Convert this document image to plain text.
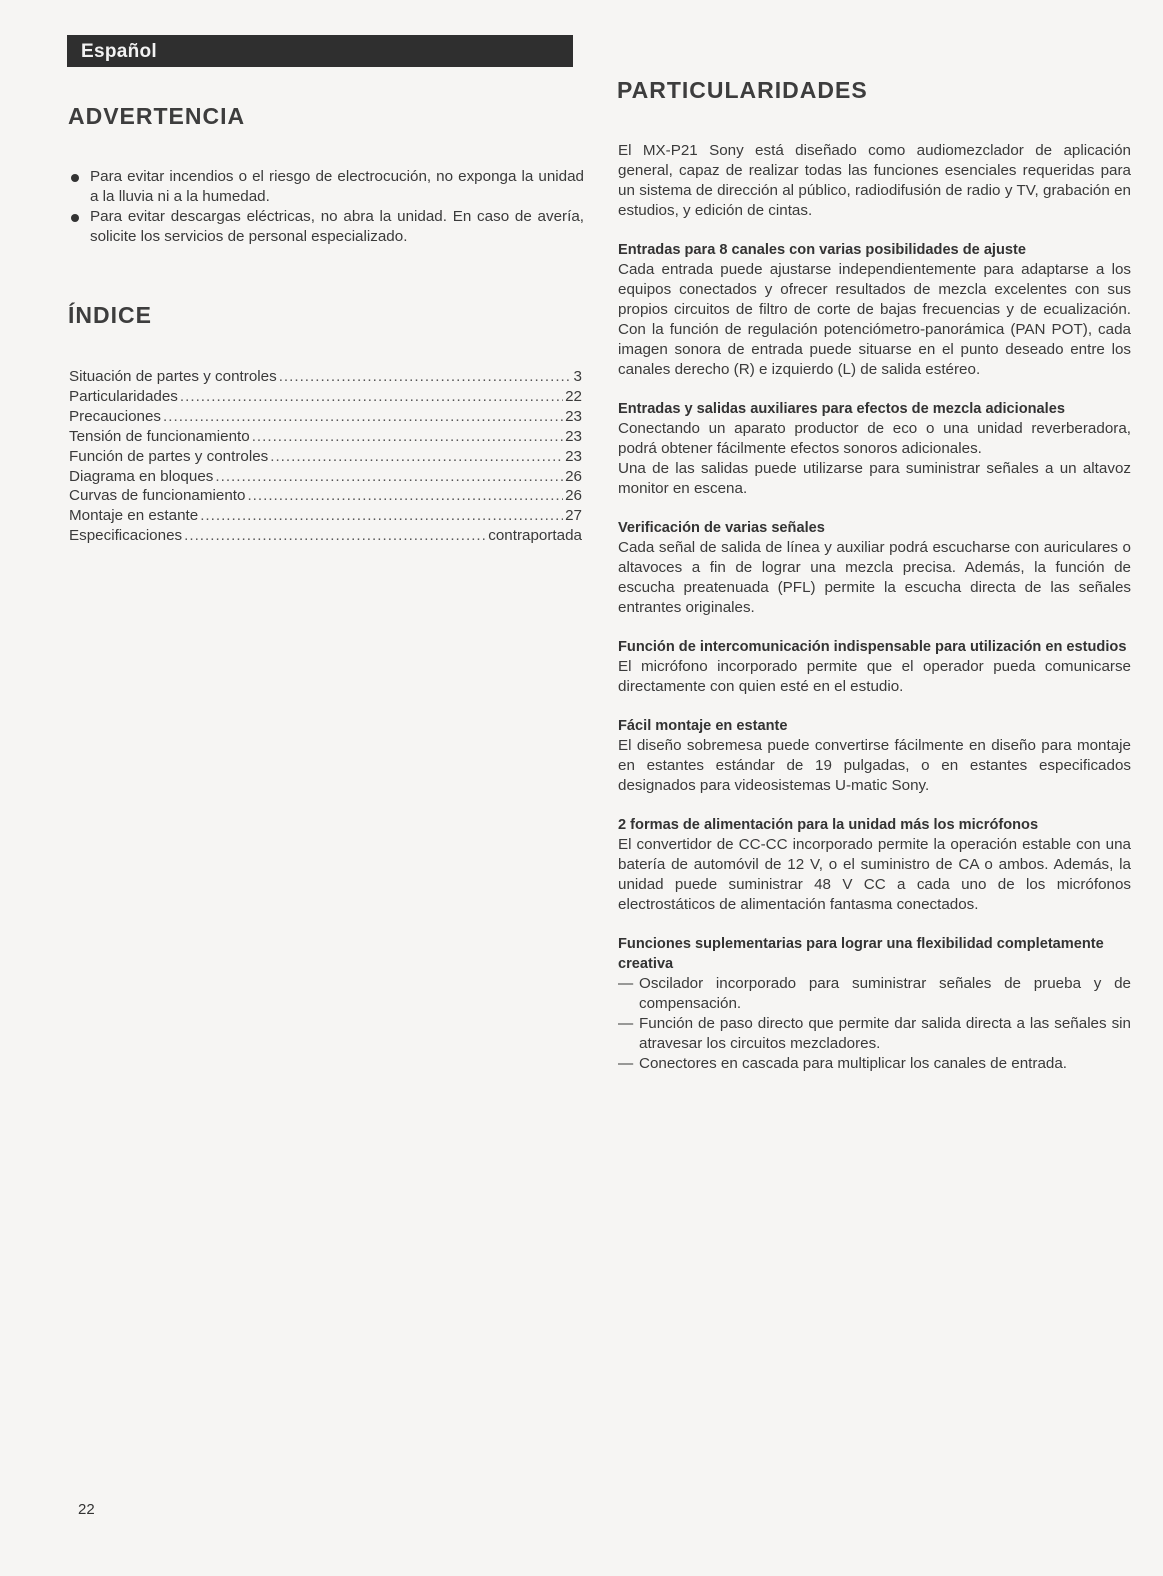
Español
ADVERTENCIA
Para evitar incendios o el riesgo de electrocución, no exponga la unidad a la lluvia ni a la humedad.
Para evitar descargas eléctricas, no abra la unidad. En caso de avería, solicite los servicios de personal especializado.
ÍNDICE
Situación de partes y controles .....	3
Particularidades .....	22
Precauciones .....	23
Tensión de funcionamiento .....	23
Función de partes y controles .....	23
Diagrama en bloques .....	26
Curvas de funcionamiento .....	26
Montaje en estante .....	27
Especificaciones .....	contraportada
PARTICULARIDADES

El MX-P21 Sony está diseñado como audiomezclador de aplicación general, capaz de realizar todas las funciones esenciales requeridas para un sistema de dirección al público, radiodifusión de radio y TV, grabación en estudios, y edición de cintas.

Entradas para 8 canales con varias posibilidades de ajuste

Cada entrada puede ajustarse independientemente para adaptarse a los equipos conectados y ofrecer resultados de mezcla excelentes con sus propios circuitos de filtro de corte de bajas frecuencias y de ecualización. Con la función de regulación potenciómetro-panorámica (PAN POT), cada imagen sonora de entrada puede situarse en el punto deseado entre los canales derecho (R) e izquierdo (L) de salida estéreo.

Entradas y salidas auxiliares para efectos de mezcla adicionales

Conectando un aparato productor de eco o una unidad reverberadora, podrá obtener fácilmente efectos sonoros adicionales.

Una de las salidas puede utilizarse para suministrar señales a un altavoz monitor en escena.

Verificación de varias señales

Cada señal de salida de línea y auxiliar podrá escucharse con auriculares o altavoces a fin de lograr una mezcla precisa. Además, la función de escucha preatenuada (PFL) permite la escucha directa de las señales entrantes originales.

Función de intercomunicación indispensable para utilización en estudios

El micrófono incorporado permite que el operador pueda comunicarse directamente con quien esté en el estudio.

Fácil montaje en estante

El diseño sobremesa puede convertirse fácilmente en diseño para montaje en estantes estándar de 19 pulgadas, o en estantes especificados designados para videosistemas U-matic Sony.

2 formas de alimentación para la unidad más los micrófonos

El convertidor de CC-CC incorporado permite la operación estable con una batería de automóvil de 12 V, o el suministro de CA o ambos. Además, la unidad puede suministrar 48 V CC a cada uno de los micrófonos electrostáticos de alimentación fantasma conectados.

Funciones suplementarias para lograr una flexibilidad completamente creativa
— Oscilador incorporado para suministrar señales de prueba y de compensación.
— Función de paso directo que permite dar salida directa a las señales sin atravesar los circuitos mezcladores.
— Conectores en cascada para multiplicar los canales de entrada.
22
